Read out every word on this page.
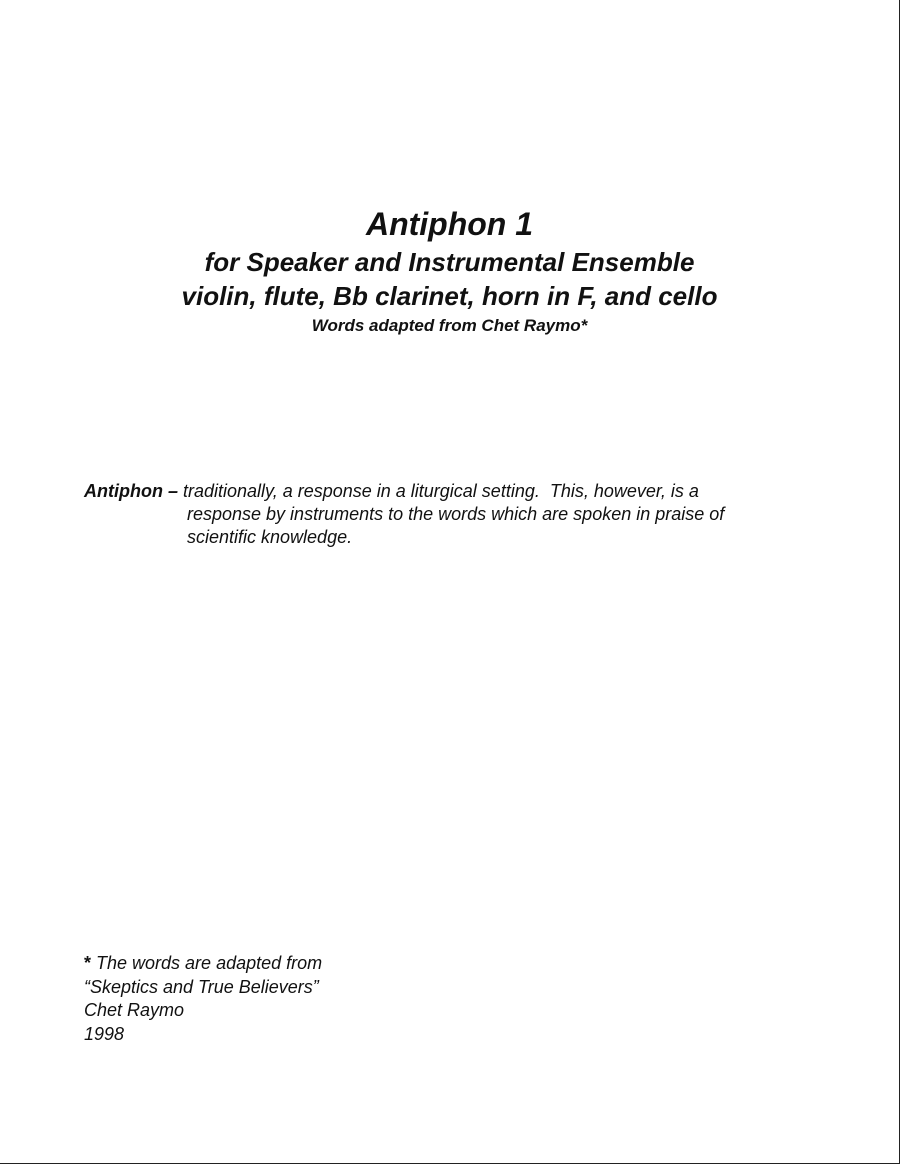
Antiphon 1
for Speaker and Instrumental Ensemble
violin, flute, Bb clarinet, horn in F, and cello
Words adapted from Chet Raymo*
Antiphon – traditionally, a response in a liturgical setting.  This, however, is a
response by instruments to the words which are spoken in praise of
scientific knowledge.
* The words are adapted from
“Skeptics and True Believers”
Chet Raymo
1998
